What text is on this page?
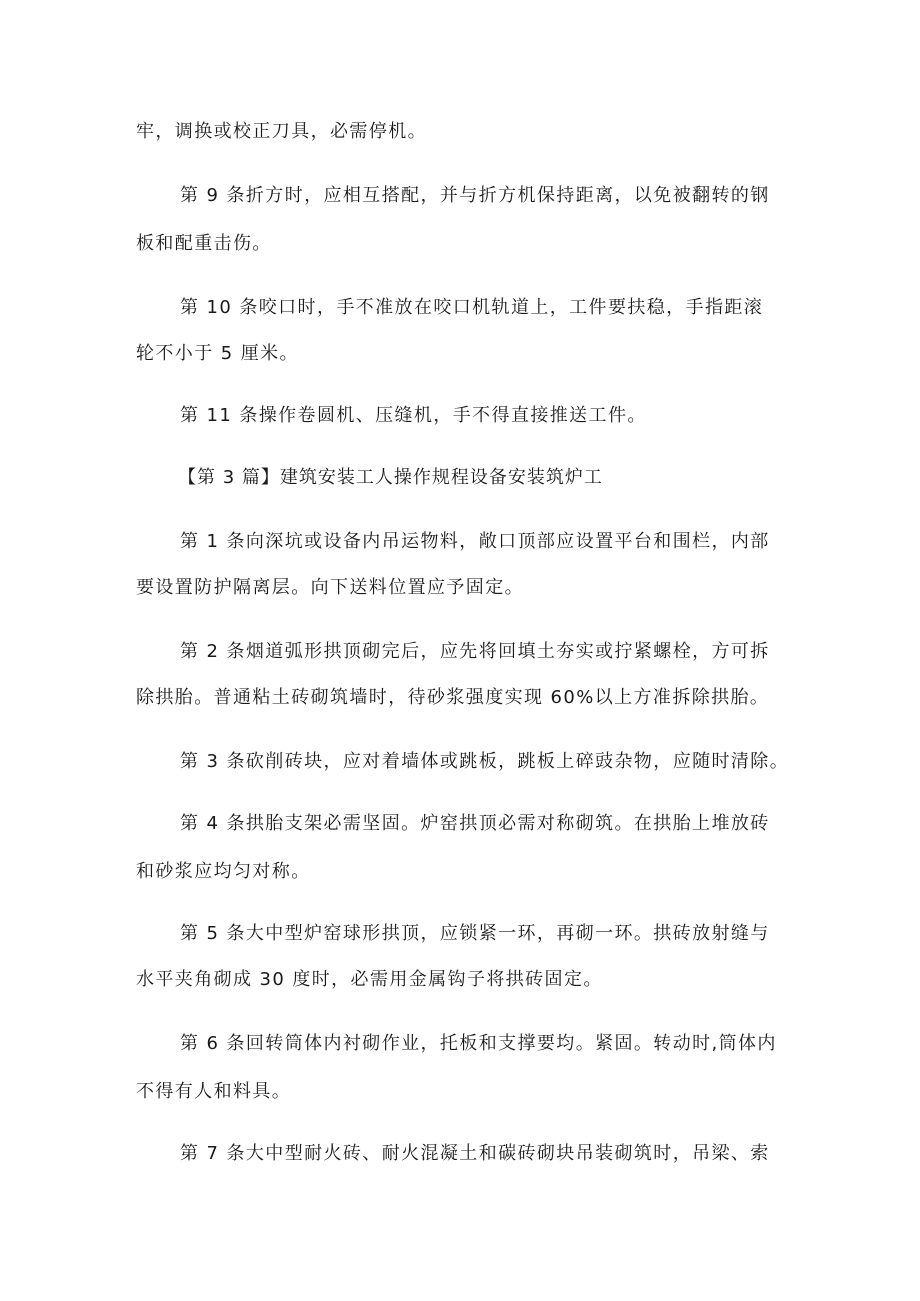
牢，调换或校正刀具，必需停机。
第 9 条折方时，应相互搭配，并与折方机保持距离，以免被翻转的钢
板和配重击伤。
第 10 条咬口时，手不准放在咬口机轨道上，工件要扶稳，手指距滚
轮不小于 5 厘米。
第 11 条操作卷圆机、压缝机，手不得直接推送工件。
【第 3 篇】建筑安装工人操作规程设备安装筑炉工
第 1 条向深坑或设备内吊运物料，敞口顶部应设置平台和围栏，内部
要设置防护隔离层。向下送料位置应予固定。
第 2 条烟道弧形拱顶砌完后，应先将回填土夯实或拧紧螺栓，方可拆
除拱胎。普通粘土砖砌筑墙时，待砂浆强度实现 60%以上方准拆除拱胎。
第 3 条砍削砖块，应对着墙体或跳板，跳板上碎豉杂物，应随时清除。
第 4 条拱胎支架必需坚固。炉窑拱顶必需对称砌筑。在拱胎上堆放砖
和砂浆应均匀对称。
第 5 条大中型炉窑球形拱顶，应锁紧一环，再砌一环。拱砖放射缝与
水平夹角砌成 30 度时，必需用金属钩子将拱砖固定。
第 6 条回转筒体内衬砌作业，托板和支撑要均。紧固。转动时,筒体内
不得有人和料具。
第 7 条大中型耐火砖、耐火混凝土和碳砖砌块吊装砌筑时，吊梁、索
